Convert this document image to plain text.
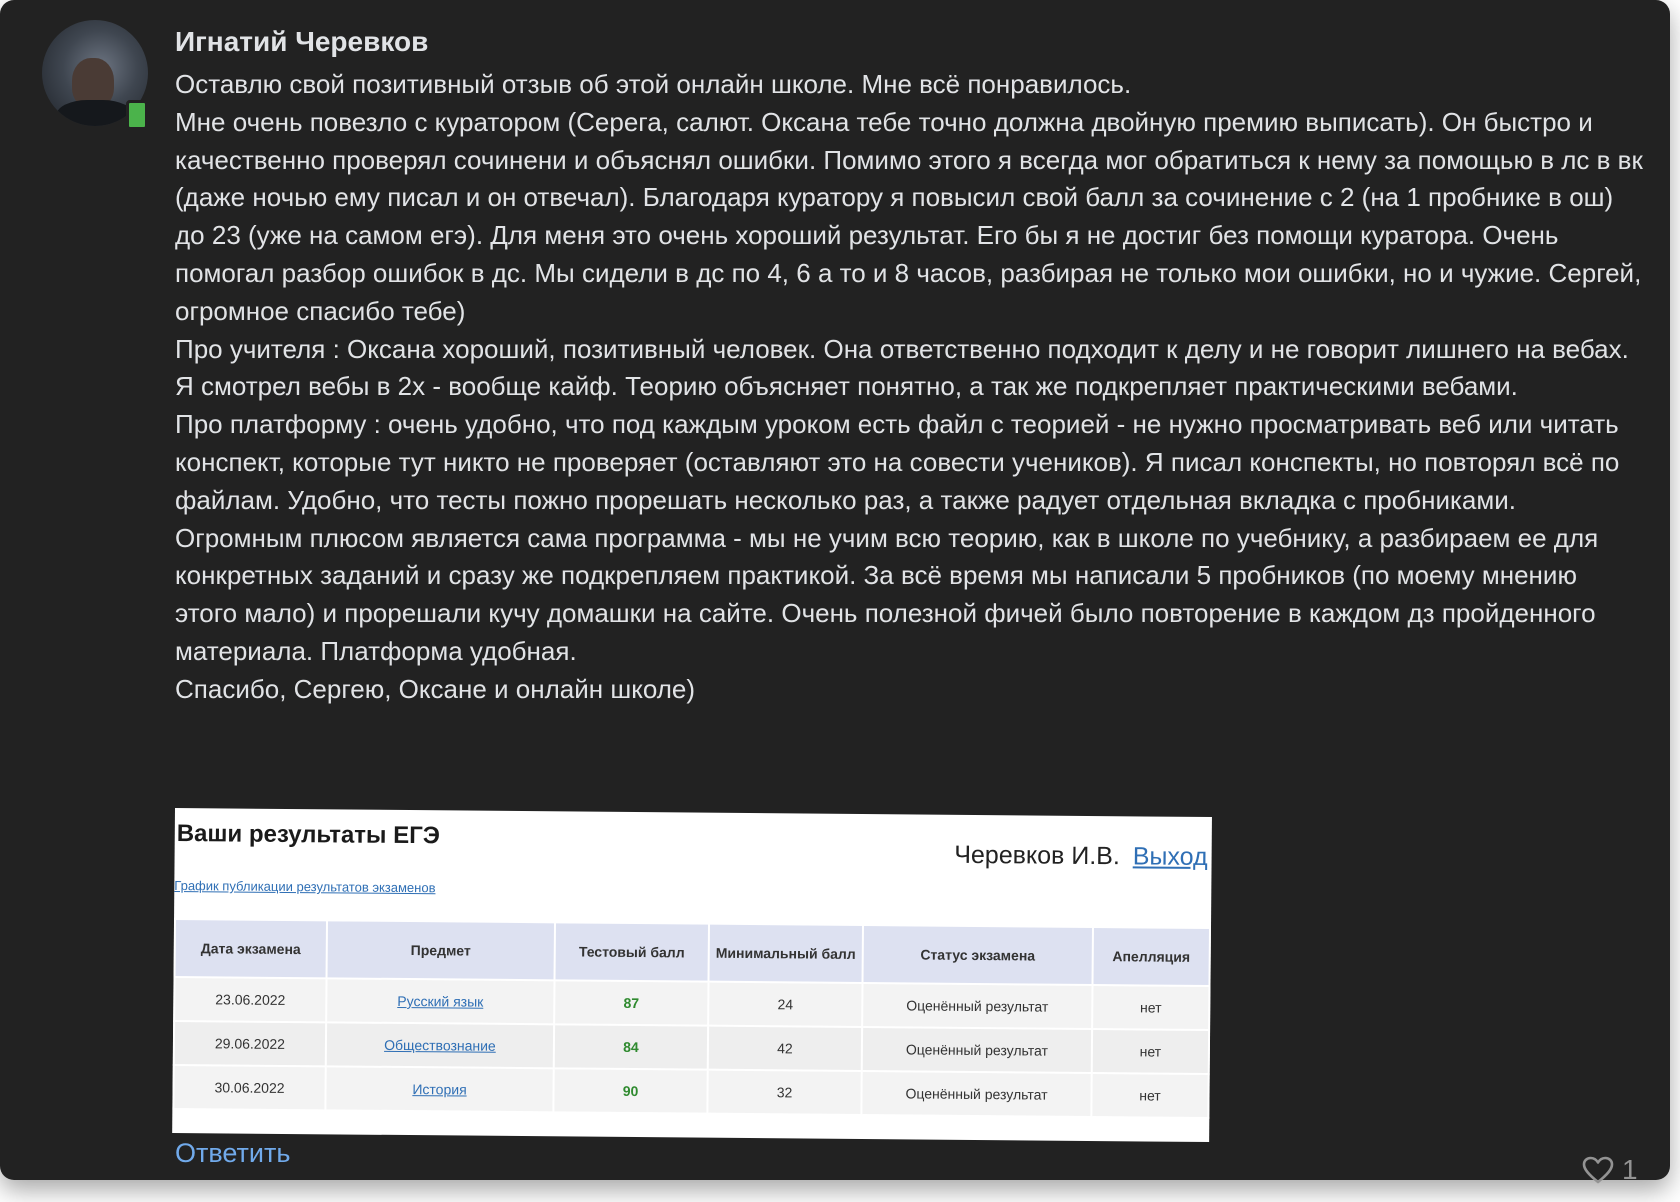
Игнатий Черевков

Оставлю свой позитивный отзыв об этой онлайн школе. Мне всё понравилось.

Мне очень повезло с куратором (Серега, салют. Оксана тебе точно должна двойную премию выписать). Он быстро и качественно проверял сочинени и объяснял ошибки. Помимо этого я всегда мог обратиться к нему за помощью в лс в вк (даже ночью ему писал и он отвечал). Благодаря куратору я повысил свой балл за сочинение с 2 (на 1 пробнике в ош) до 23 (уже на самом егэ). Для меня это очень хороший результат. Его бы я не достиг без помощи куратора. Очень помогал разбор ошибок в дс. Мы сидели в дс по 4, 6 а то и 8 часов, разбирая не только мои ошибки, но и чужие. Сергей, огромное спасибо тебе)

Про учителя : Оксана хороший, позитивный человек. Она ответственно подходит к делу и не говорит лишнего на вебах. Я смотрел вебы в 2х - вообще кайф. Теорию объясняет понятно, а так же подкрепляет практическими вебами.

Про платформу : очень удобно, что под каждым уроком есть файл с теорией - не нужно просматривать веб или читать конспект, которые тут никто не проверяет (оставляют это на совести учеников). Я писал конспекты, но повторял всё по файлам. Удобно, что тесты пожно прорешать несколько раз, а также радует отдельная вкладка с пробниками. Огромным плюсом является сама программа - мы не учим всю теорию, как в школе по учебнику, а разбираем ее для конкретных заданий и сразу же подкрепляем практикой. За всё время мы написали 5 пробников (по моему мнению этого мало) и прорешали кучу домашки на сайте. Очень полезной фичей было повторение в каждом дз пройденного материала. Платформа удобная.

Спасибо, Сергею, Оксане и онлайн школе)

Ваши результаты ЕГЭ
Черевков И.В. Выход
График публикации результатов экзаменов
Дата экзамена	Предмет	Тестовый балл	Минимальный балл	Статус экзамена	Апелляция
23.06.2022	Русский язык	87	24	Оценённый результат	нет
29.06.2022	Обществознание	84	42	Оценённый результат	нет
30.06.2022	История	90	32	Оценённый результат	нет
Ответить
1
